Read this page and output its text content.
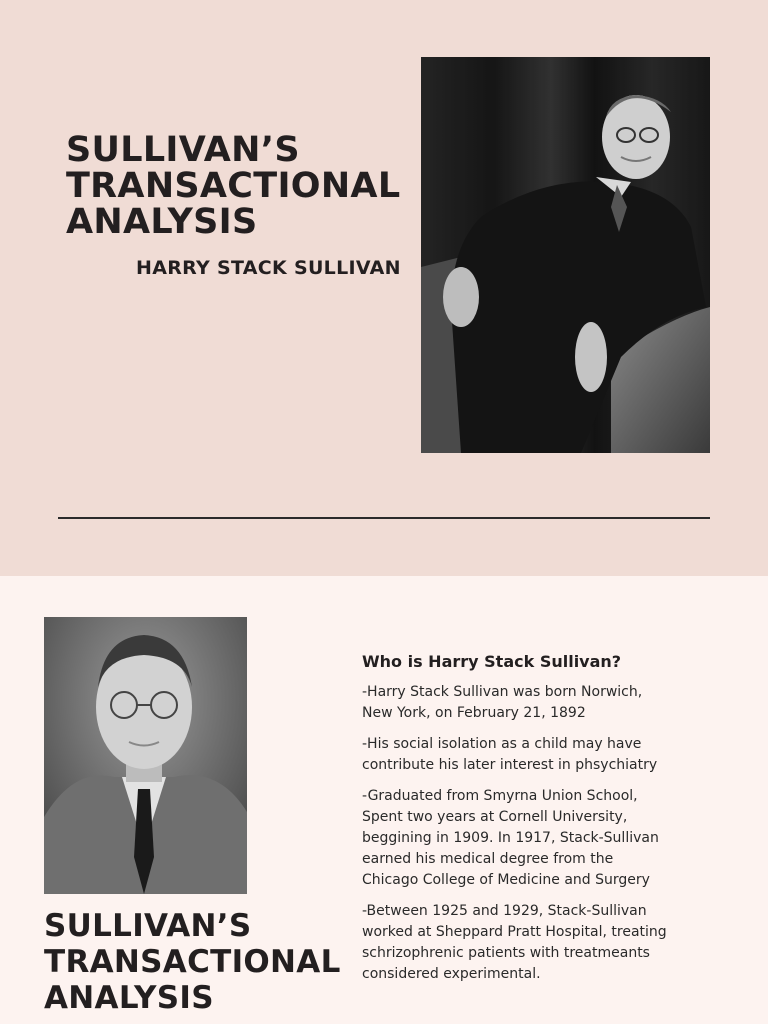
SULLIVAN’S
TRANSACTIONAL
ANALYSIS
HARRY STACK SULLIVAN
SULLIVAN’S
TRANSACTIONAL
ANALYSIS
Who is Harry Stack Sullivan?

-Harry Stack Sullivan was born Norwich, New York, on February 21, 1892

-His social isolation as a child may have contribute his later interest in phsychiatry

-Graduated from Smyrna Union School, Spent two years at Cornell University, beggining in 1909. In 1917, Stack-Sullivan earned his medical degree from the Chicago College of Medicine and Surgery

-Between 1925 and 1929, Stack-Sullivan worked at Sheppard Pratt Hospital, treating schrizophrenic patients with treatmeants considered experimental.
